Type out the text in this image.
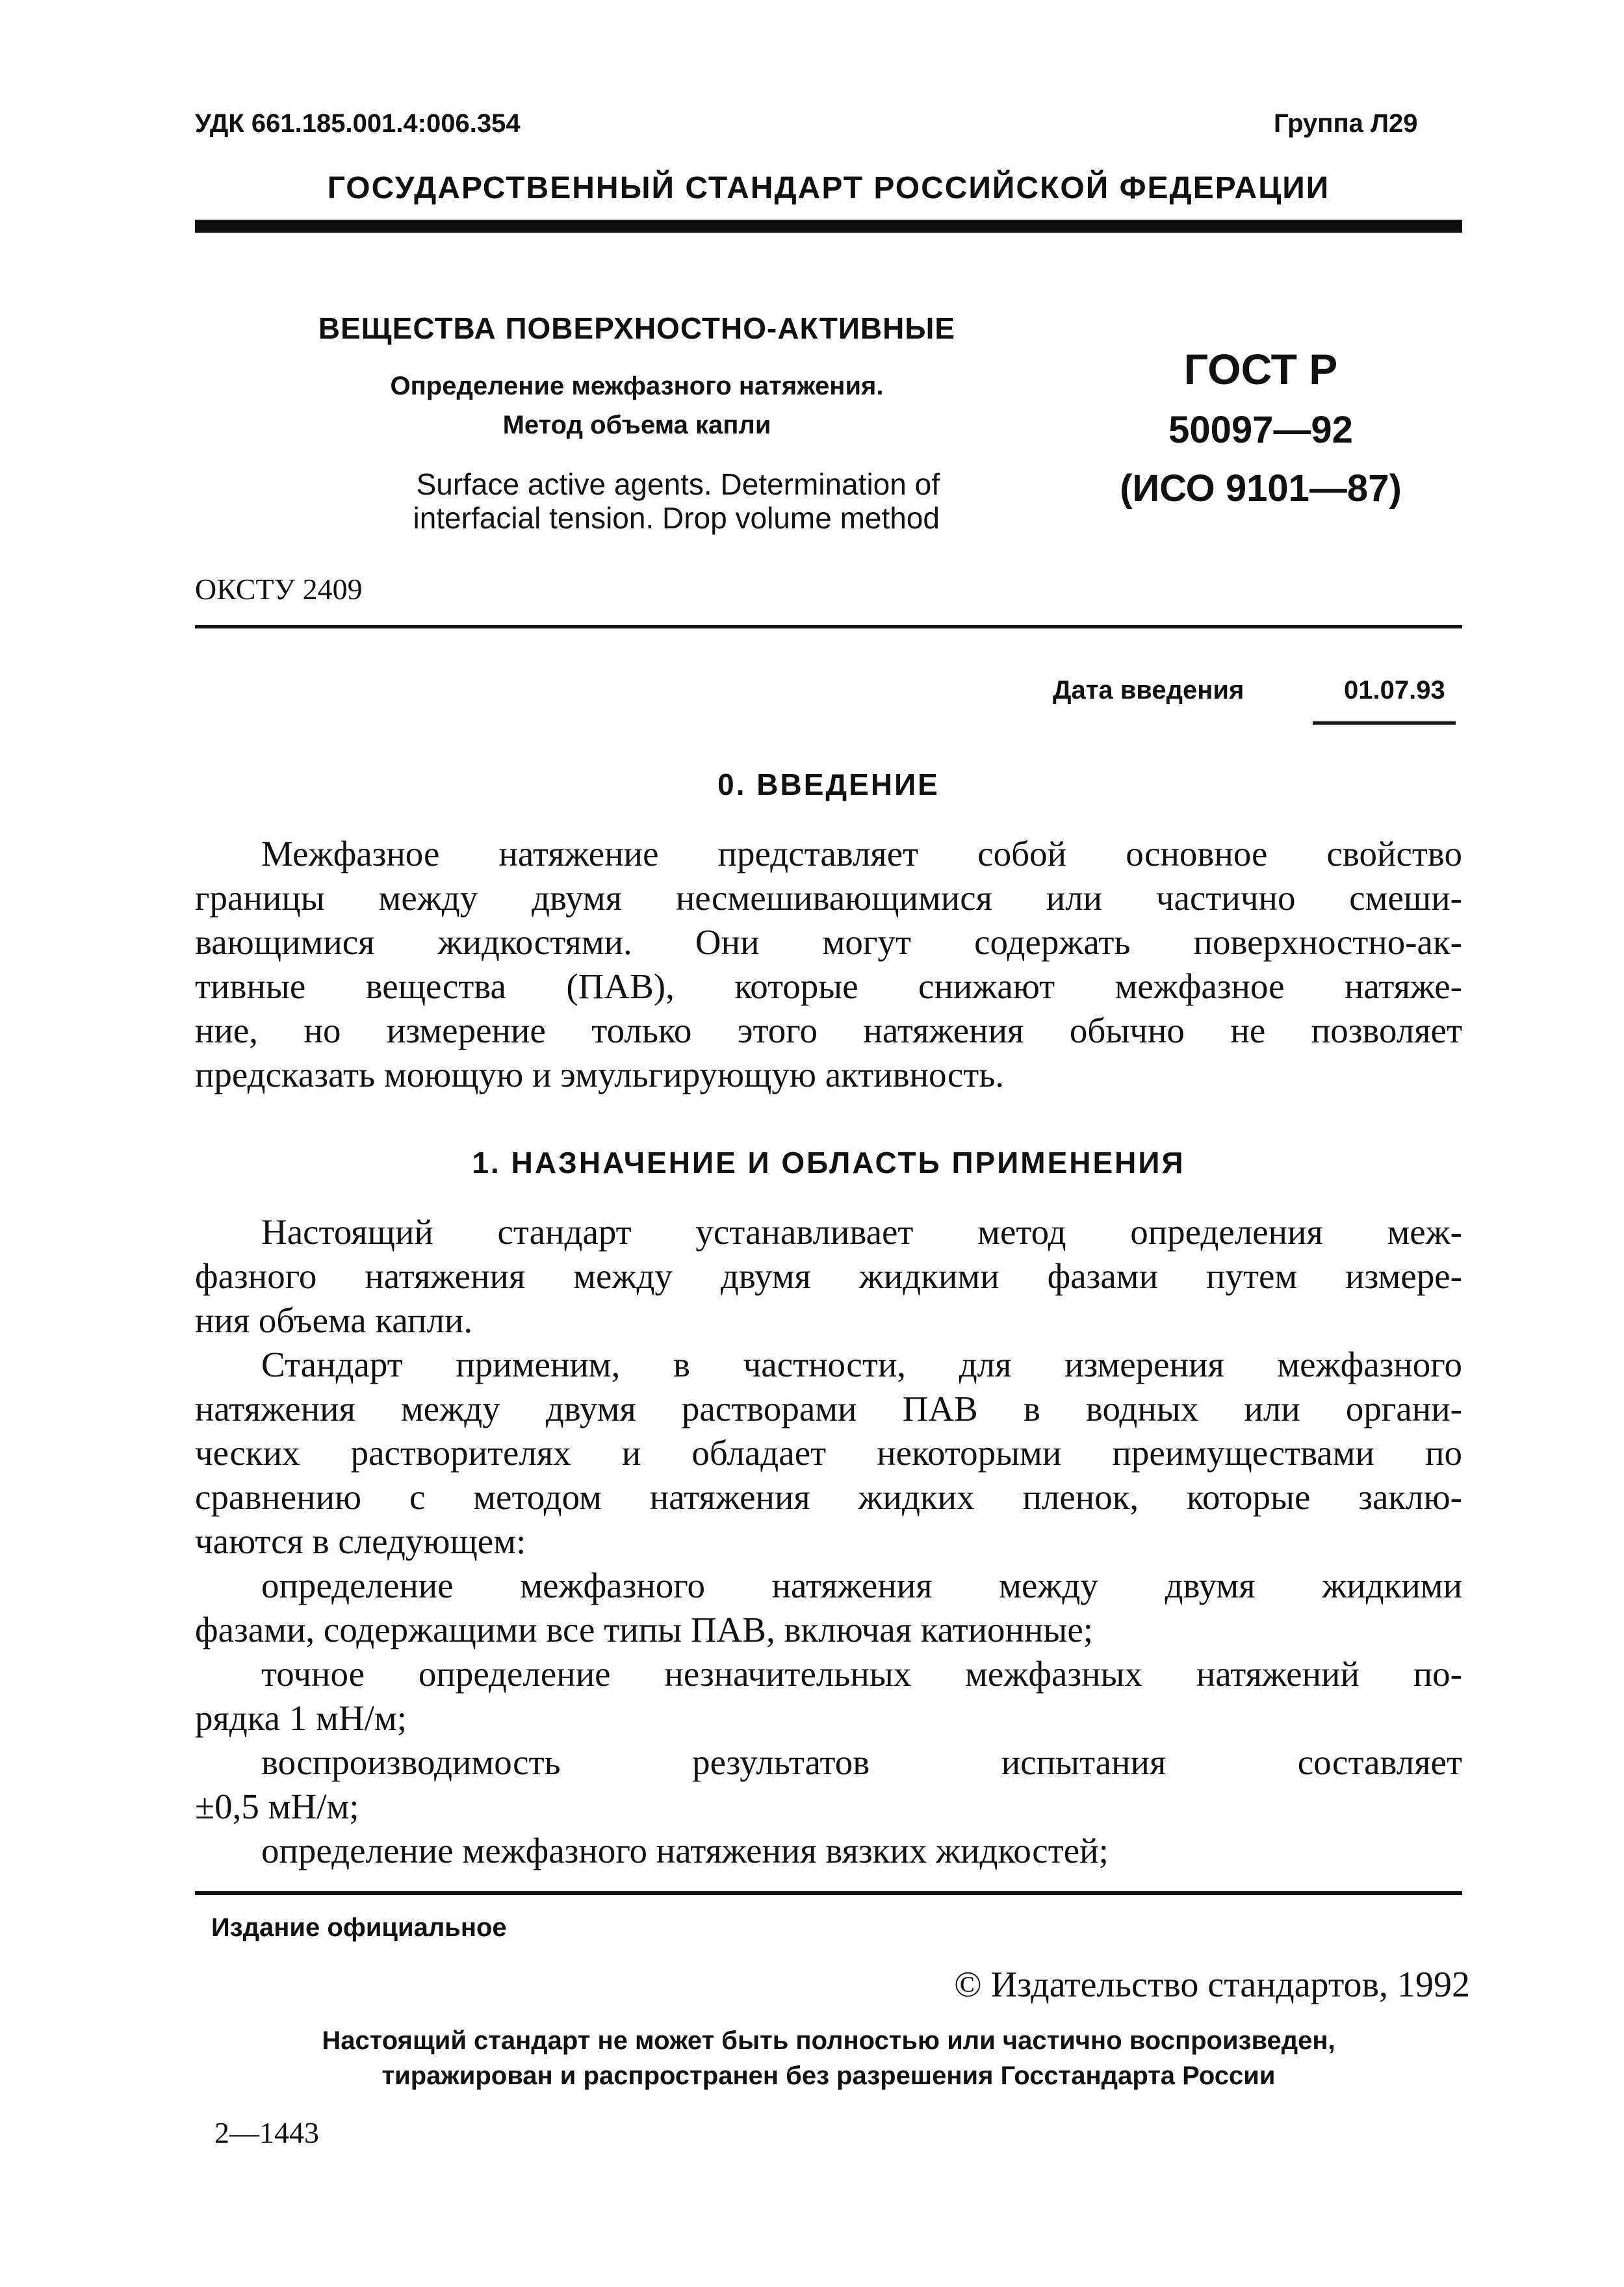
УДК 661.185.001.4:006.354	Группа Л29
ГОСУДАРСТВЕННЫЙ СТАНДАРТ РОССИЙСКОЙ ФЕДЕРАЦИИ
ВЕЩЕСТВА ПОВЕРХНОСТНО-АКТИВНЫЕ
Определение межфазного натяжения.
Метод объема капли
Surface active agents. Determination of
interfacial tension. Drop volume method
ГОСТ Р
50097—92
(ИСО 9101—87)
ОКСТУ 2409
Дата введения	01.07.93
0. ВВЕДЕНИЕ

Межфазное натяжение представляет собой основное свойство

границы между двумя несмешивающимися или частично смеши-

вающимися жидкостями. Они могут содержать поверхностно-ак-

тивные вещества (ПАВ), которые снижают межфазное натяже-

ние, но измерение только этого натяжения обычно не позволяет

предсказать моющую и эмульгирующую активность.

1. НАЗНАЧЕНИЕ И ОБЛАСТЬ ПРИМЕНЕНИЯ

Настоящий стандарт устанавливает метод определения меж-

фазного натяжения между двумя жидкими фазами путем измере-

ния объема капли.

Стандарт применим, в частности, для измерения межфазного

натяжения между двумя растворами ПАВ в водных или органи-

ческих растворителях и обладает некоторыми преимуществами по

сравнению с методом натяжения жидких пленок, которые заклю-

чаются в следующем:

определение межфазного натяжения между двумя жидкими

фазами, содержащими все типы ПАВ, включая катионные;

точное определение незначительных межфазных натяжений по-

рядка 1 мН/м;

воспроизводимость результатов испытания составляет

±0,5 мН/м;

определение межфазного натяжения вязких жидкостей;

Издание официальное
© Издательство стандартов, 1992
Настоящий стандарт не может быть полностью или частично воспроизведен,
тиражирован и распространен без разрешения Госстандарта России
2—1443
